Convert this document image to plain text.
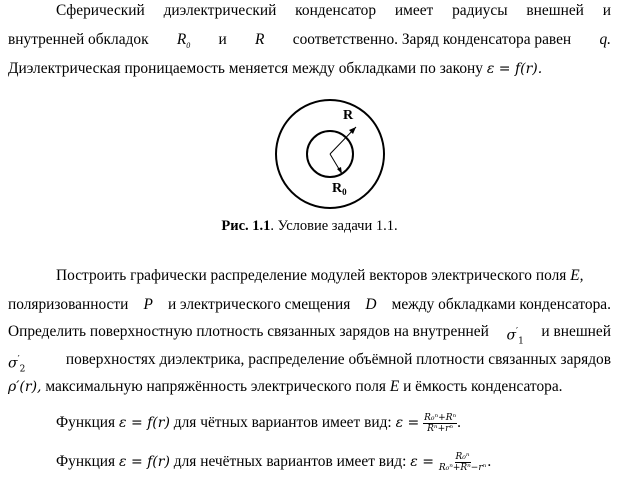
Сферический диэлектрический конденсатор имеет радиусы внешней и
внутренней обкладок $R_0$ и R соответственно. Заряд конденсатора равен q.
Диэлектрическая проницаемость меняется между обкладками по закону ε = f(r).
R
$R_0$
Рис. 1.1. Условие задачи 1.1.
Построить графически распределение модулей векторов электрического поля E,
поляризованности P и электрического смещения D между обкладками конденсатора.
Определить поверхностную плотность связанных зарядов на внутренней $\sigma'_1$
и внешней
$\sigma'_2$
поверхностях диэлектрика, распределение объёмной плотности связанных зарядов
ρ′(r), максимальную напряжённость электрического поля E и ёмкость конденсатора.
Функция ε = f(r) для чётных вариантов имеет вид: $\varepsilon = \frac{\text{R₀ⁿ+Rⁿ}}{\text{Rⁿ+rⁿ}}$ .
Функция ε = f(r) для нечётных вариантов имеет вид: $\varepsilon = \frac{\text{R₀ⁿ}}{\text{R₀ⁿ+Rⁿ−rⁿ}}$ .
